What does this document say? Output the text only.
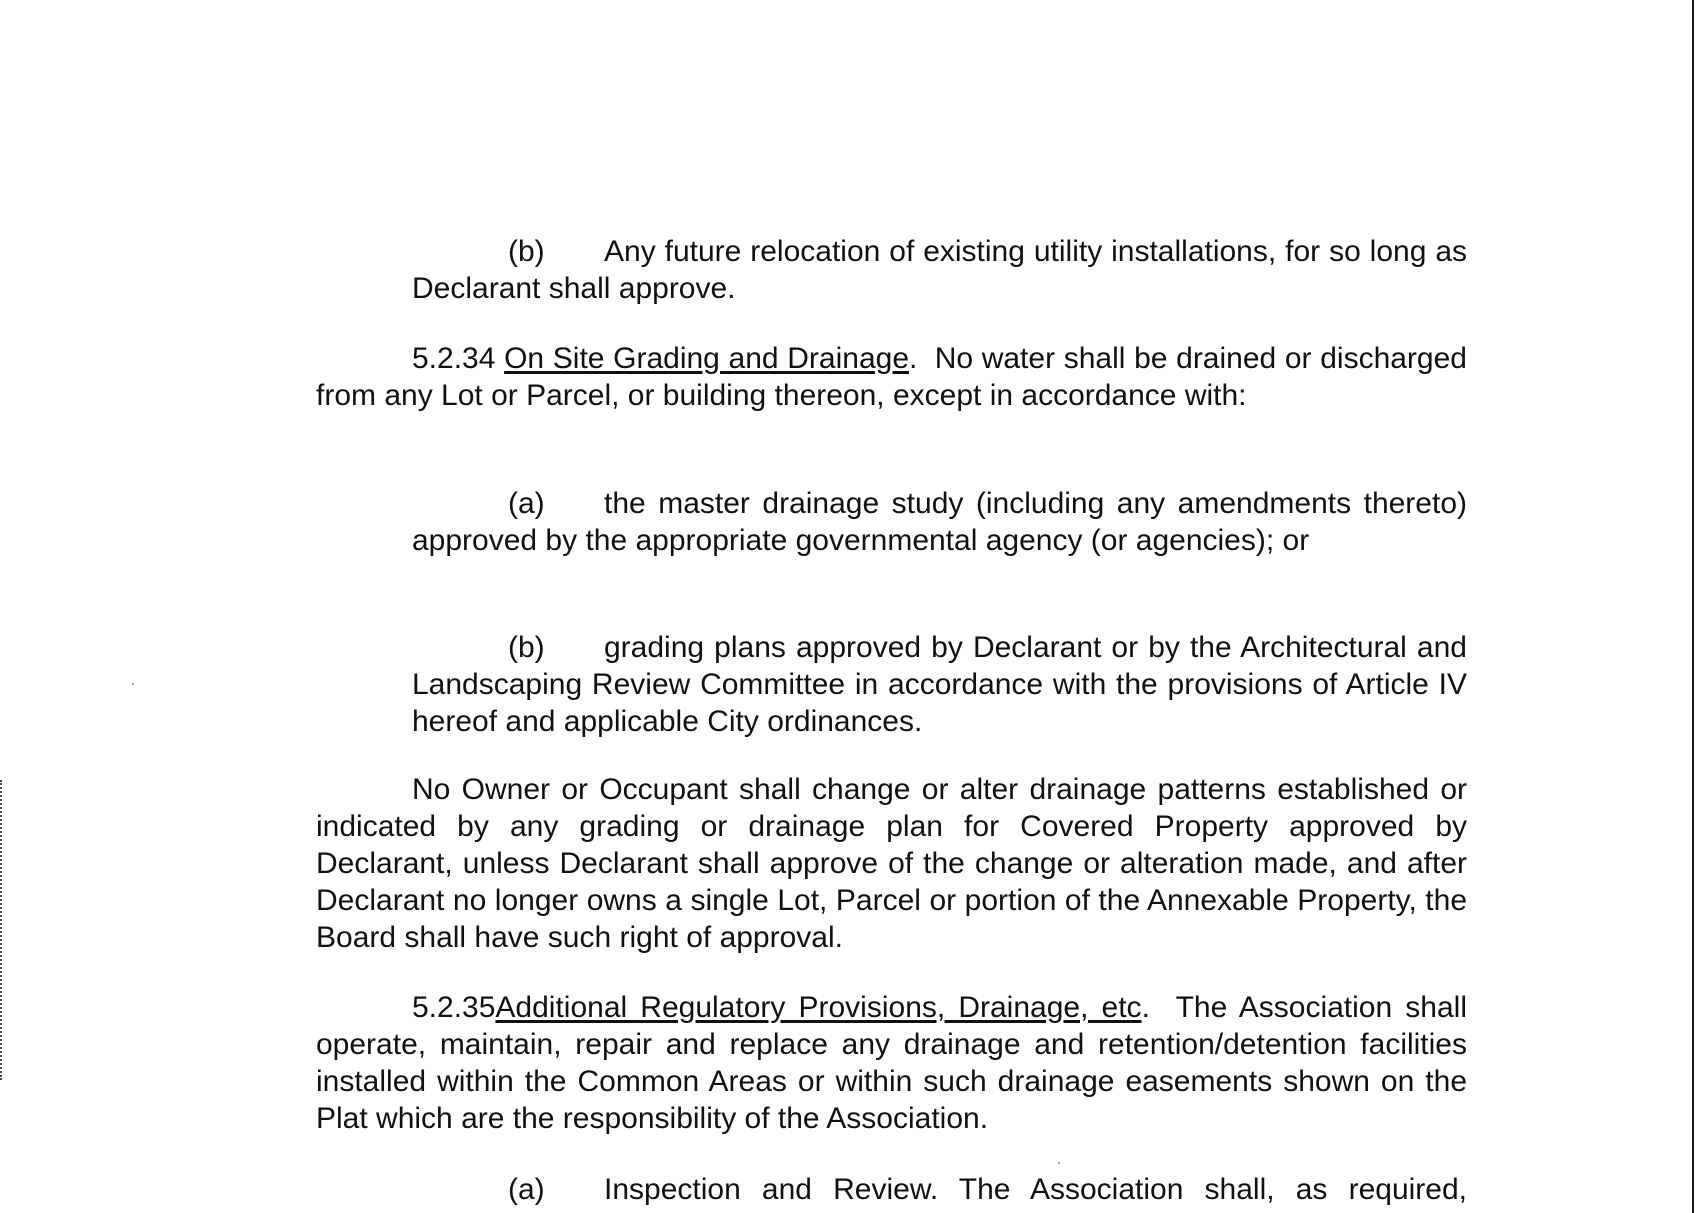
(b) Any future relocation of existing utility installations, for so long as Declarant shall approve.

5.2.34 On Site Grading and Drainage. No water shall be drained or discharged from any Lot or Parcel, or building thereon, except in accordance with:

(a) the master drainage study (including any amendments thereto) approved by the appropriate governmental agency (or agencies); or

(b) grading plans approved by Declarant or by the Architectural and Landscaping Review Committee in accordance with the provisions of Article IV hereof and applicable City ordinances.

No Owner or Occupant shall change or alter drainage patterns established or indicated by any grading or drainage plan for Covered Property approved by Declarant, unless Declarant shall approve of the change or alteration made, and after Declarant no longer owns a single Lot, Parcel or portion of the Annexable Property, the Board shall have such right of approval.

5.2.35Additional Regulatory Provisions, Drainage, etc. The Association shall operate, maintain, repair and replace any drainage and retention/detention facilities installed within the Common Areas or within such drainage easements shown on the Plat which are the responsibility of the Association.

(a) Inspection and Review. The Association shall, as required,
